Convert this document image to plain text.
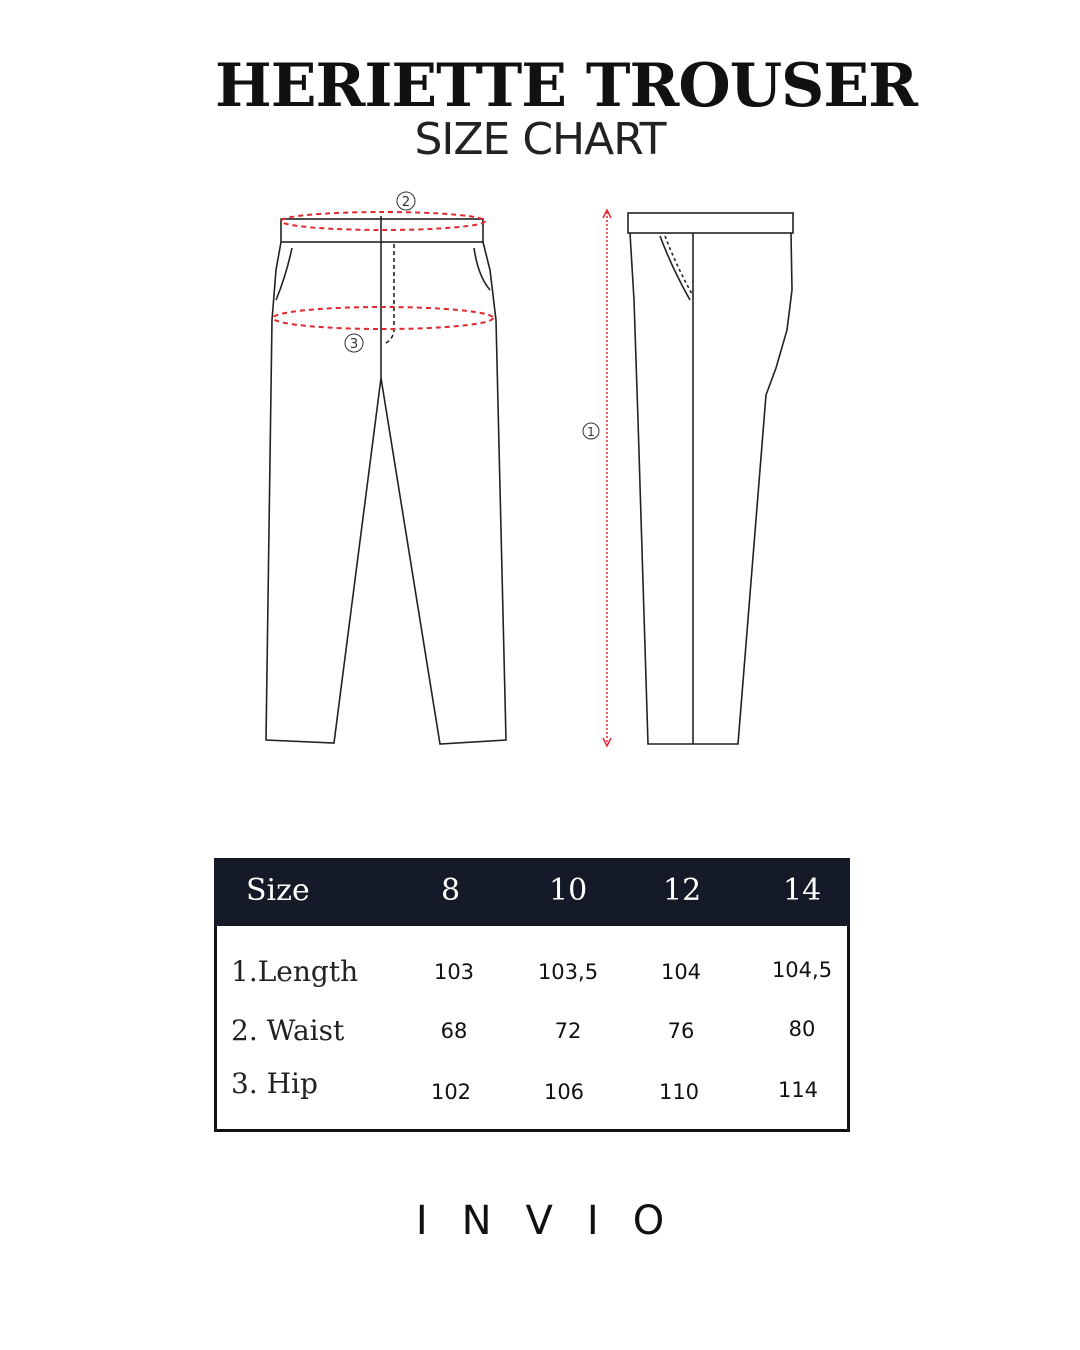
HERIETTE TROUSER
SIZE CHART
2
3
1
Size	8	10	12	14
1.Length	103	103,5	104	104,5
2. Waist	68	72	76	80
3. Hip	102	106	110	114
INVIO
